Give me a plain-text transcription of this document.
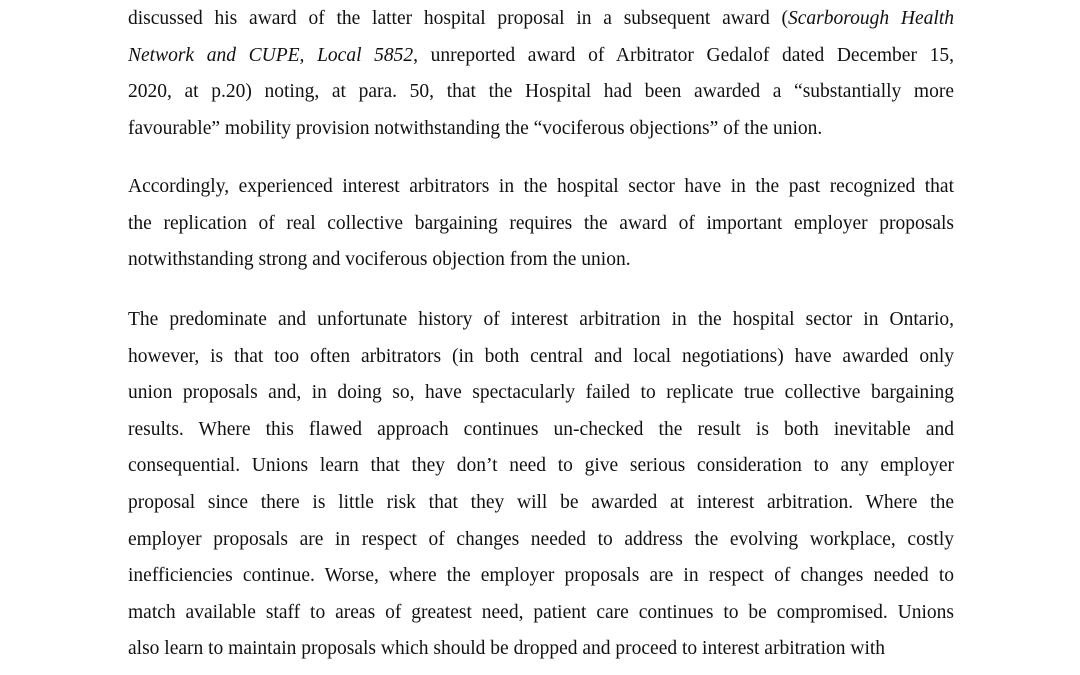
discussed his award of the latter hospital proposal in a subsequent award (Scarborough Health
Network and CUPE, Local 5852, unreported award of Arbitrator Gedalof dated December 15,
2020, at p.20) noting, at para. 50, that the Hospital had been awarded a “substantially more
favourable” mobility provision notwithstanding the “vociferous objections” of the union.
Accordingly, experienced interest arbitrators in the hospital sector have in the past recognized that
the replication of real collective bargaining requires the award of important employer proposals
notwithstanding strong and vociferous objection from the union.
The predominate and unfortunate history of interest arbitration in the hospital sector in Ontario,
however, is that too often arbitrators (in both central and local negotiations) have awarded only
union proposals and, in doing so, have spectacularly failed to replicate true collective bargaining
results. Where this flawed approach continues un-checked the result is both inevitable and
consequential. Unions learn that they don’t need to give serious consideration to any employer
proposal since there is little risk that they will be awarded at interest arbitration. Where the
employer proposals are in respect of changes needed to address the evolving workplace, costly
inefficiencies continue. Worse, where the employer proposals are in respect of changes needed to
match available staff to areas of greatest need, patient care continues to be compromised. Unions
also learn to maintain proposals which should be dropped and proceed to interest arbitration with
